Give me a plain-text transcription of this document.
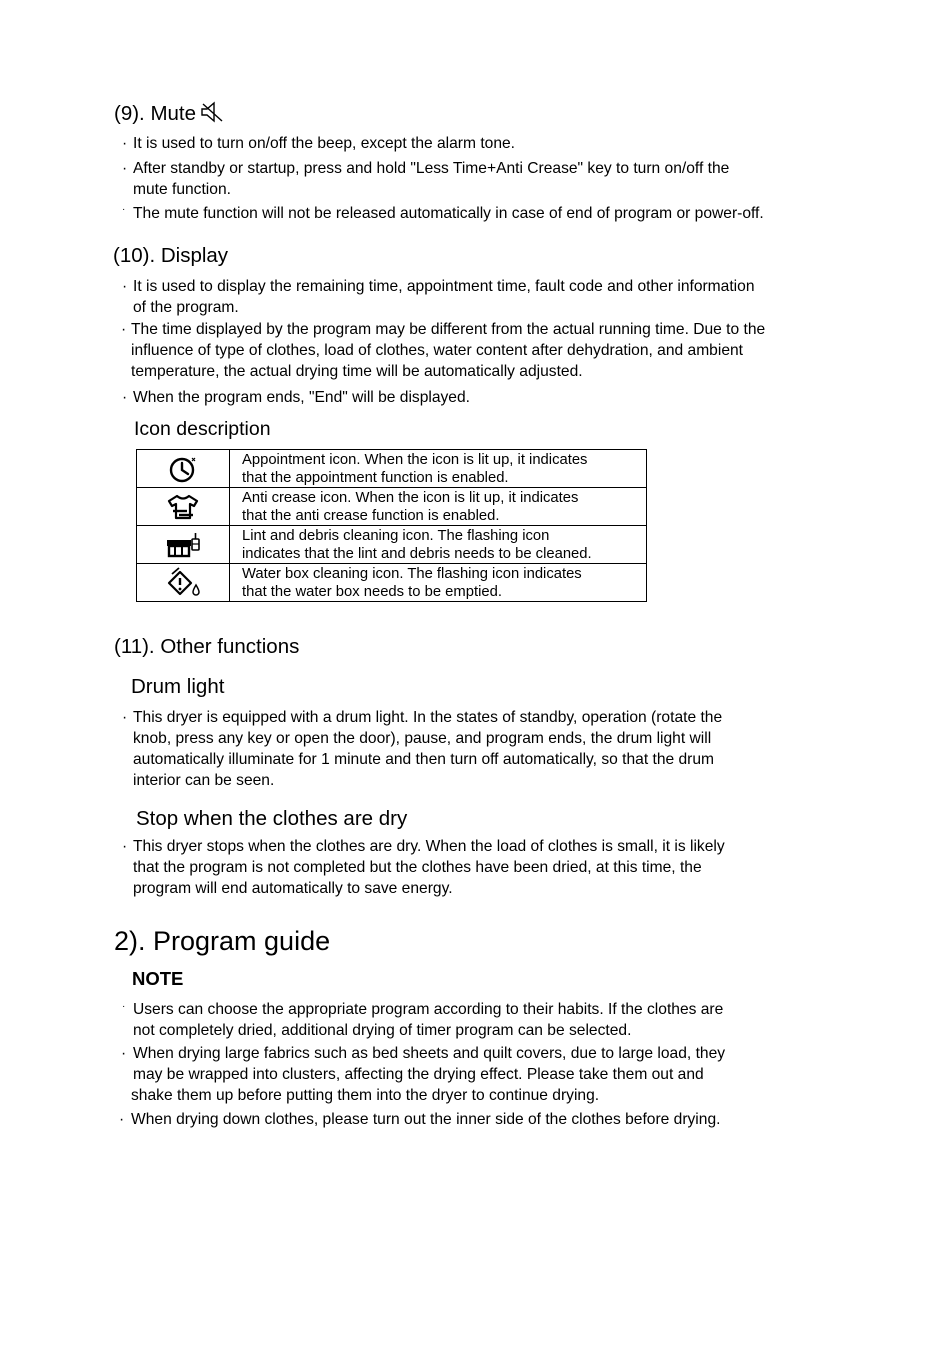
(9). Mute
· It is used to turn on/off the beep, except the alarm tone.
· After standby or startup, press and hold "Less Time+Anti Crease" key to turn on/off the
mute function.
· The mute function will not be released automatically in case of end of program or power-off.
(10). Display
· It is used to display the remaining time, appointment time, fault code and other information
of the program.
· The time displayed by the program may be different from the actual running time. Due to the
influence of type of clothes, load of clothes, water content after dehydration, and ambient
temperature, the actual drying time will be automatically adjusted.
· When the program ends, "End" will be displayed.
Icon description

Appointment icon. When the icon is lit up, it indicates
that the appointment function is enabled.

Anti crease icon. When the icon is lit up, it indicates
that the anti crease function is enabled.

Lint and debris cleaning icon. The flashing icon
indicates that the lint and debris needs to be cleaned.

Water box cleaning icon. The flashing icon indicates
that the water box needs to be emptied.
(11). Other functions
Drum light
· This dryer is equipped with a drum light. In the states of standby, operation (rotate the
knob, press any key or open the door), pause, and program ends, the drum light will
automatically illuminate for 1 minute and then turn off automatically, so that the drum
interior can be seen.
Stop when the clothes are dry
· This dryer stops when the clothes are dry. When the load of clothes is small, it is likely
that the program is not completed but the clothes have been dried, at this time, the
program will end automatically to save energy.
2). Program guide
NOTE
· Users can choose the appropriate program according to their habits. If the clothes are
not completely dried, additional drying of timer program can be selected.
· When drying large fabrics such as bed sheets and quilt covers, due to large load, they
may be wrapped into clusters, affecting the drying effect. Please take them out and
shake them up before putting them into the dryer to continue drying.
· When drying down clothes, please turn out the inner side of the clothes before drying.
